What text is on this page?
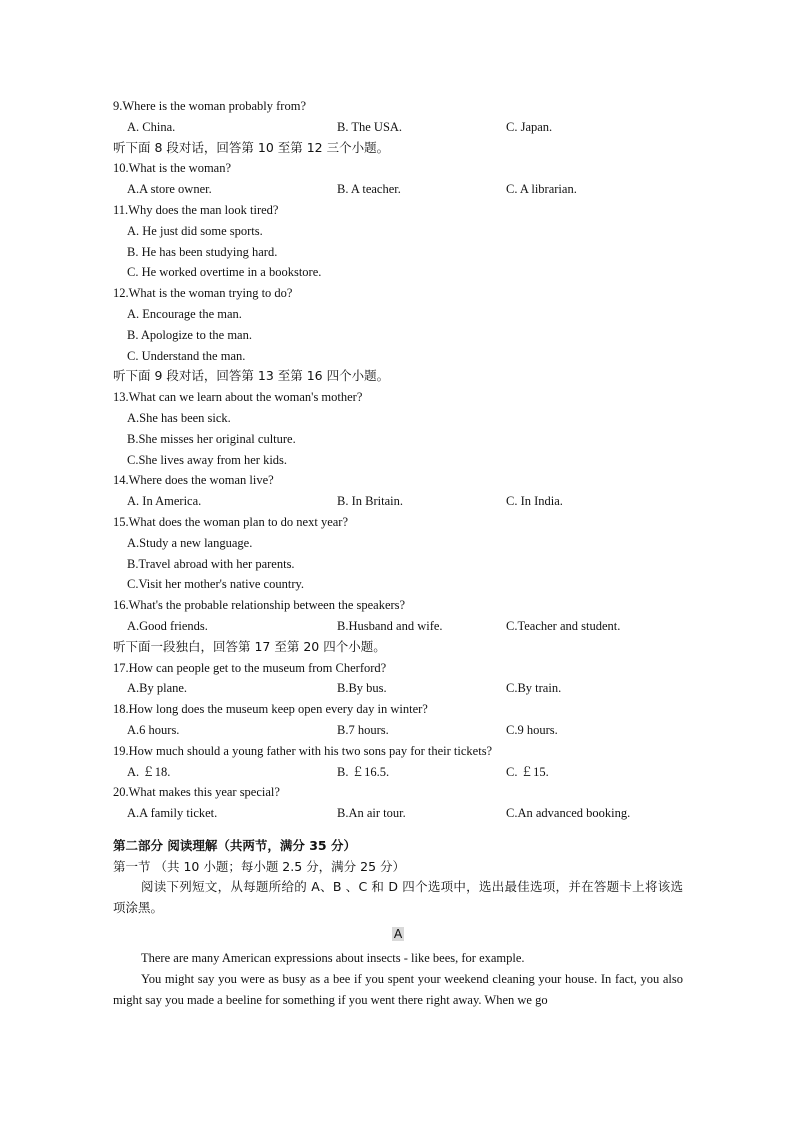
9.Where is the woman probably from?
A. China.	B. The USA.	C. Japan.
听下面 8 段对话，回答第 10 至第 12 三个小题。
10.What is the woman?
A.A store owner.	B. A teacher.	C. A librarian.
11.Why does the man look tired?
A. He just did some sports.
B. He has been studying hard.
C. He worked overtime in a bookstore.
12.What is the woman trying to do?
A. Encourage the man.
B. Apologize to the man.
C. Understand the man.
听下面 9 段对话，回答第 13 至第 16 四个小题。
13.What can we learn about the woman's mother?
A.She has been sick.
B.She misses her original culture.
C.She lives away from her kids.
14.Where does the woman live?
A. In America.	B. In Britain.	C. In India.
15.What does the woman plan to do next year?
A.Study a new language.
B.Travel abroad with her parents.
C.Visit her mother's native country.
16.What's the probable relationship between the speakers?
A.Good friends.	B.Husband and wife.	C.Teacher and student.
听下面一段独白，回答第 17 至第 20 四个小题。
17.How can people get to the museum from Cherford?
A.By plane.	B.By bus.	C.By train.
18.How long does the museum keep open every day in winter?
A.6 hours.	B.7 hours.	C.9 hours.
19.How much should a young father with his two sons pay for their tickets?
A. ￡18.	B. ￡16.5.	C. ￡15.
20.What makes this year special?
A.A family ticket.	B.An air tour.	C.An advanced booking.
第二部分 阅读理解（共两节，满分 35 分）
第一节 （共 10 小题；每小题 2.5 分，满分 25 分）
阅读下列短文，从每题所给的 A、B 、C 和 D 四个选项中，选出最佳选项，并在答题卡上将该选项涂黑。
A
There are many American expressions about insects - like bees, for example.
You might say you were as busy as a bee if you spent your weekend cleaning your house. In fact, you also might say you made a beeline for something if you went there right away. When we go
